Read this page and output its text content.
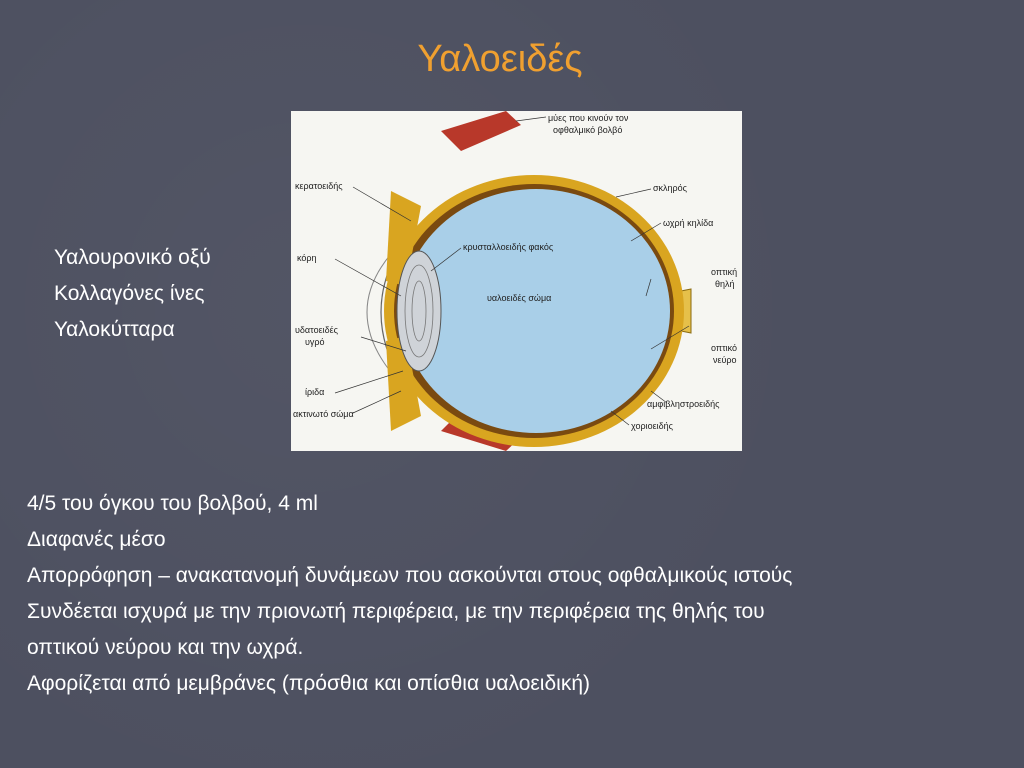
Υαλοειδές
Υαλουρονικό οξύ
Κολλαγόνες ίνες
Υαλοκύτταρα
μύες που κινούν τον
οφθαλμικό βολβό
κερατοειδής	σκληρός
ωχρή κηλίδα
κρυσταλλοειδής φακός
κόρη
οπτική
θηλή
υαλοειδές σώμα
υδατοειδές
υγρό
οπτικό
νεύρο
ίριδα
αμφιβληστροειδής
ακτινωτό σώμα
χοριοειδής
4/5 του όγκου του βολβού, 4 ml
Διαφανές μέσο
Απορρόφηση – ανακατανομή δυνάμεων που ασκούνται στους οφθαλμικούς ιστούς
Συνδέεται ισχυρά με την πριονωτή περιφέρεια, με την περιφέρεια της θηλής του
οπτικού νεύρου και την ωχρά.
Αφορίζεται από μεμβράνες (πρόσθια και οπίσθια υαλοειδική)
